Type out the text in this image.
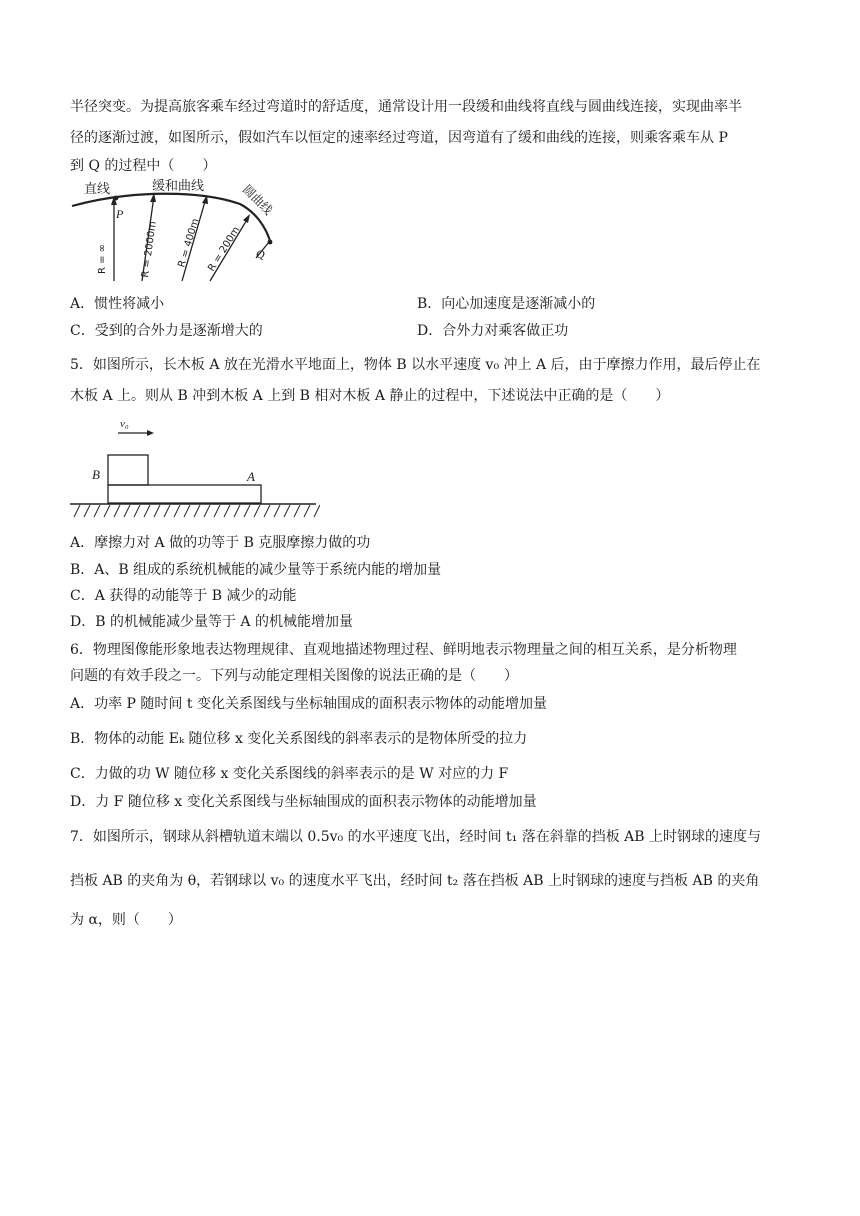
半径突变。为提高旅客乘车经过弯道时的舒适度，通常设计用一段缓和曲线将直线与圆曲线连接，实现曲率半
径的逐渐过渡，如图所示，假如汽车以恒定的速率经过弯道，因弯道有了缓和曲线的连接，则乘客乘车从 P
到 Q 的过程中（　　）
直线	缓和曲线	圆曲线
P
Q
R = ∞	R = 2000m R = 400m R = 200m
A．惯性将减小	B．向心加速度是逐渐减小的
C．受到的合外力是逐渐增大的	D．合外力对乘客做正功
5．如图所示，长木板 A 放在光滑水平地面上，物体 B 以水平速度 v₀ 冲上 A 后，由于摩擦力作用，最后停止在
木板 A 上。则从 B 冲到木板 A 上到 B 相对木板 A 静止的过程中，下述说法中正确的是（　　）
v₀
B	A
A．摩擦力对 A 做的功等于 B 克服摩擦力做的功
B．A、B 组成的系统机械能的减少量等于系统内能的增加量
C．A 获得的动能等于 B 减少的动能
D．B 的机械能减少量等于 A 的机械能增加量
6．物理图像能形象地表达物理规律、直观地描述物理过程、鲜明地表示物理量之间的相互关系，是分析物理
问题的有效手段之一。下列与动能定理相关图像的说法正确的是（　　）
A．功率 P 随时间 t 变化关系图线与坐标轴围成的面积表示物体的动能增加量
B．物体的动能 Eₖ 随位移 x 变化关系图线的斜率表示的是物体所受的拉力
C．力做的功 W 随位移 x 变化关系图线的斜率表示的是 W 对应的力 F
D．力 F 随位移 x 变化关系图线与坐标轴围成的面积表示物体的动能增加量
7．如图所示，钢球从斜槽轨道末端以 0.5v₀ 的水平速度飞出，经时间 t₁ 落在斜靠的挡板 AB 上时钢球的速度与
挡板 AB 的夹角为 θ，若钢球以 v₀ 的速度水平飞出，经时间 t₂ 落在挡板 AB 上时钢球的速度与挡板 AB 的夹角
为 α，则（　　）
